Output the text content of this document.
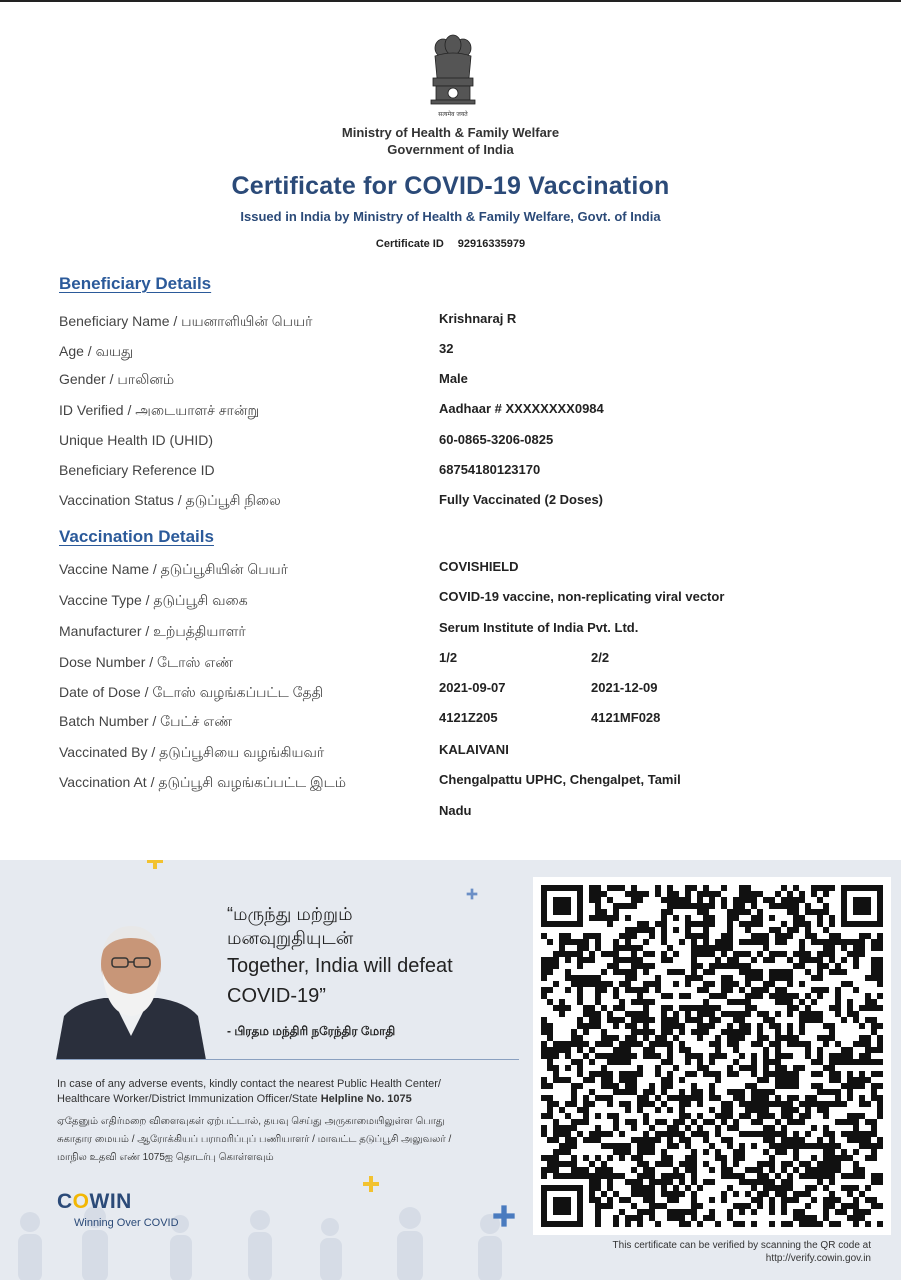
सत्यमेव जयते
Ministry of Health & Family Welfare
Government of India
Certificate for COVID-19 Vaccination
Issued in India by Ministry of Health & Family Welfare, Govt. of India
Certificate ID 92916335979
Beneficiary Details
Beneficiary Name / பயனாளியின் பெயர்	Krishnaraj R
Age / வயது	32
Gender / பாலினம்	Male
ID Verified / அடையாளச் சான்று	Aadhaar # XXXXXXXX0984
Unique Health ID (UHID)	60-0865-3206-0825
Beneficiary Reference ID	68754180123170
Vaccination Status / தடுப்பூசி நிலை	Fully Vaccinated (2 Doses)
Vaccination Details
Vaccine Name / தடுப்பூசியின் பெயர்	COVISHIELD
Vaccine Type / தடுப்பூசி வகை	COVID-19 vaccine, non-replicating viral vector
Manufacturer / உற்பத்தியாளர்	Serum Institute of India Pvt. Ltd.
Dose Number / டோஸ் எண்	1/2	2/2
Date of Dose / டோஸ் வழங்கப்பட்ட தேதி	2021-09-07	2021-12-09
Batch Number / பேட்ச் எண்	4121Z205	4121MF028
Vaccinated By / தடுப்பூசியை வழங்கியவர்	KALAIVANI
Vaccination At / தடுப்பூசி வழங்கப்பட்ட இடம்	Chengalpattu UPHC, Chengalpet, Tamil
Nadu
“மருந்து மற்றும்
மனவுறுதியுடன்
Together, India will defeat
COVID-19”
- பிரதம மந்திரி நரேந்திர மோதி
In case of any adverse events, kindly contact the nearest Public Health Center/
Healthcare Worker/District Immunization Officer/State Helpline No. 1075
ஏதேனும் எதிர்மறை விளைவுகள் ஏற்பட்டால், தயவு செய்து அருகாமையிலுள்ள பொது
சுகாதார மையம் / ஆரோக்கியப் பராமரிப்புப் பணியாளர் / மாவட்ட தடுப்பூசி அலுவலர் /
மாநில உதவி எண் 1075ஐ தொடர்பு கொள்ளவும்
COWIN
Winning Over COVID
This certificate can be verified by scanning the QR code at
http://verify.cowin.gov.in
